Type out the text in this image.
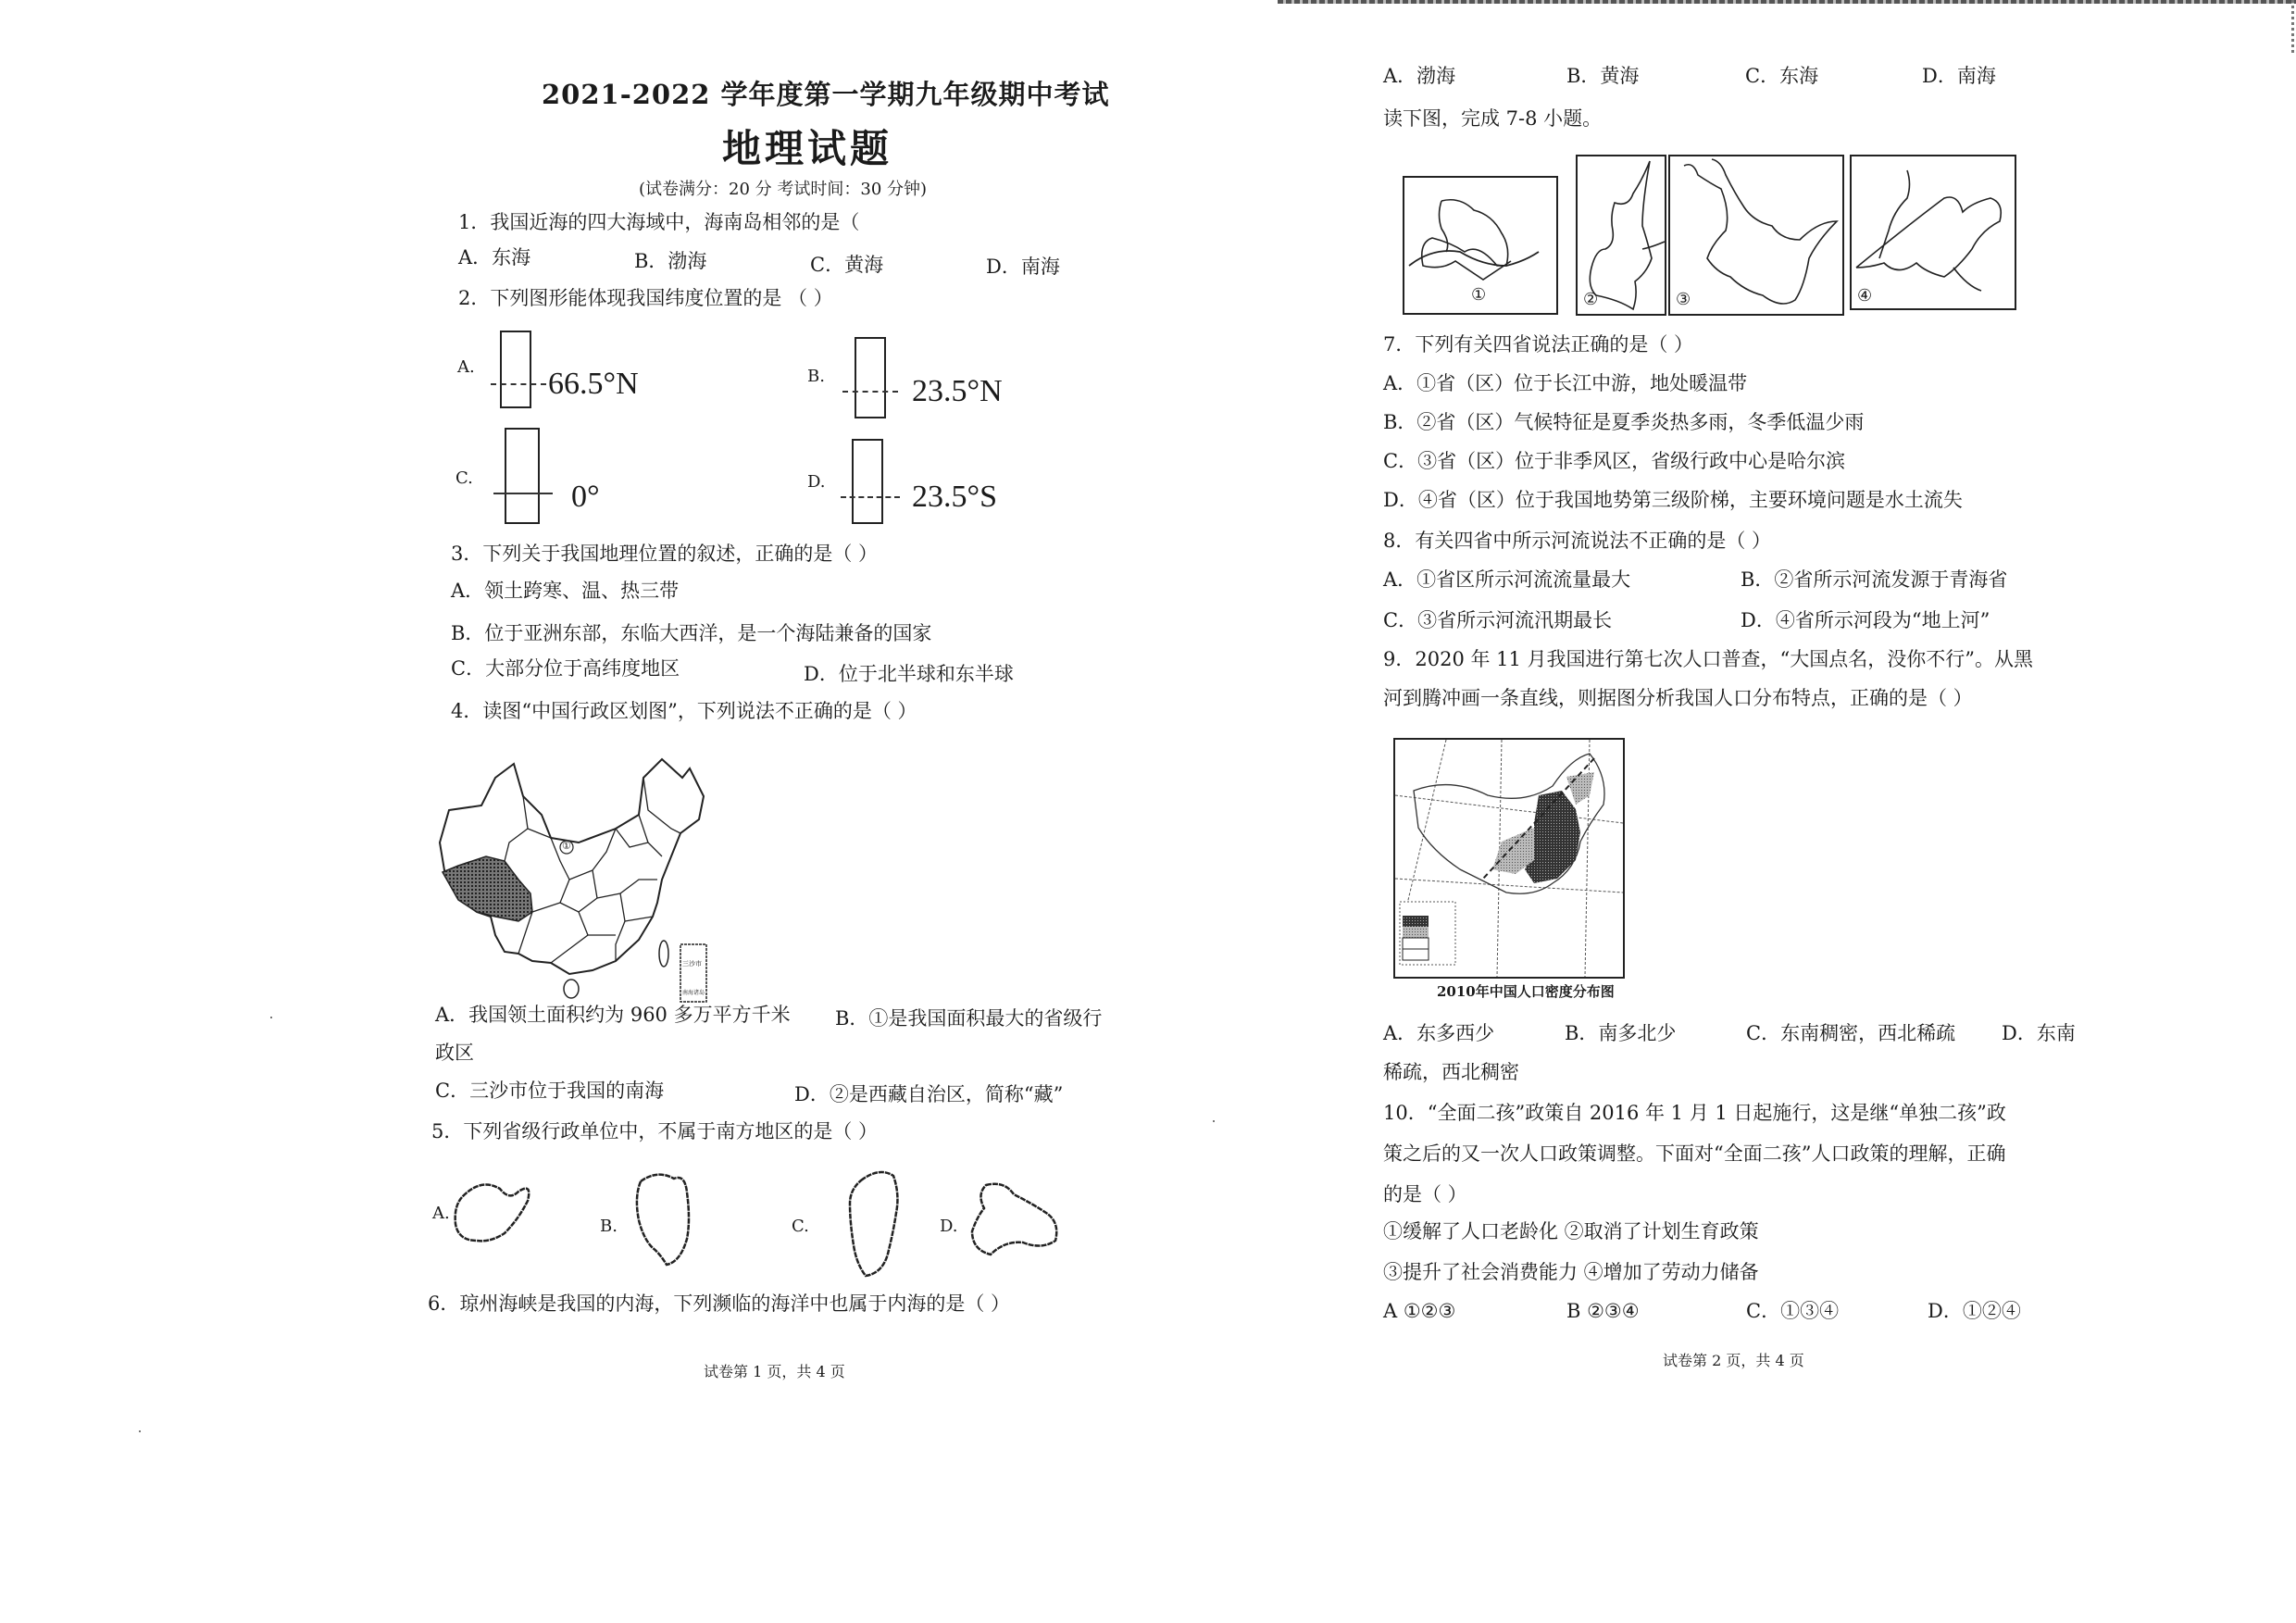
2021-2022 学年度第一学期九年级期中考试
地理试题
(试卷满分：20 分 考试时间：30 分钟)
1．我国近海的四大海域中，海南岛相邻的是（
A．东海	B．渤海	C．黄海	D．南海
2．下列图形能体现我国纬度位置的是 （ ）
A. 66.5°N	B.	23.5°N
C.
0°	D.	23.5°S
3．下列关于我国地理位置的叙述，正确的是（ ）
A．领土跨寒、温、热三带
B．位于亚洲东部，东临大西洋，是一个海陆兼备的国家
C．大部分位于高纬度地区	D．位于北半球和东半球
4．读图“中国行政区划图”，下列说法不正确的是（ ）
①
三沙市
南海诸岛
A．我国领土面积约为 960 多万平方千米 B．①是我国面积最大的省级行
政区
C．三沙市位于我国的南海	D．②是西藏自治区，简称“藏”
5．下列省级行政单位中，不属于南方地区的是（ ）
A.
B.	C.	D.
6．琼州海峡是我国的内海，下列濒临的海洋中也属于内海的是（ ）
试卷第 1 页，共 4 页
A．渤海	B．黄海	C．东海	D．南海
读下图，完成 7-8 小题。
①	②	③	④
7．下列有关四省说法正确的是（ ）
A．①省（区）位于长江中游，地处暖温带
B．②省（区）气候特征是夏季炎热多雨，冬季低温少雨
C．③省（区）位于非季风区，省级行政中心是哈尔滨
D．④省（区）位于我国地势第三级阶梯，主要环境问题是水土流失
8．有关四省中所示河流说法不正确的是（ ）
A．①省区所示河流流量最大	B．②省所示河流发源于青海省
C．③省所示河流汛期最长	D．④省所示河段为“地上河”
9．2020 年 11 月我国进行第七次人口普查，“大国点名，没你不行”。从黑
河到腾冲画一条直线，则据图分析我国人口分布特点，正确的是（ ）
2010年中国人口密度分布图
A．东多西少	B．南多北少	C．东南稠密，西北稀疏 D．东南
稀疏，西北稠密
10．“全面二孩”政策自 2016 年 1 月 1 日起施行，这是继“单独二孩”政
策之后的又一次人口政策调整。下面对“全面二孩”人口政策的理解，正确
的是（ ）
①缓解了人口老龄化 ②取消了计划生育政策
③提升了社会消费能力 ④增加了劳动力储备
A ①②③	B ②③④	C．①③④	D．①②④
试卷第 2 页，共 4 页
